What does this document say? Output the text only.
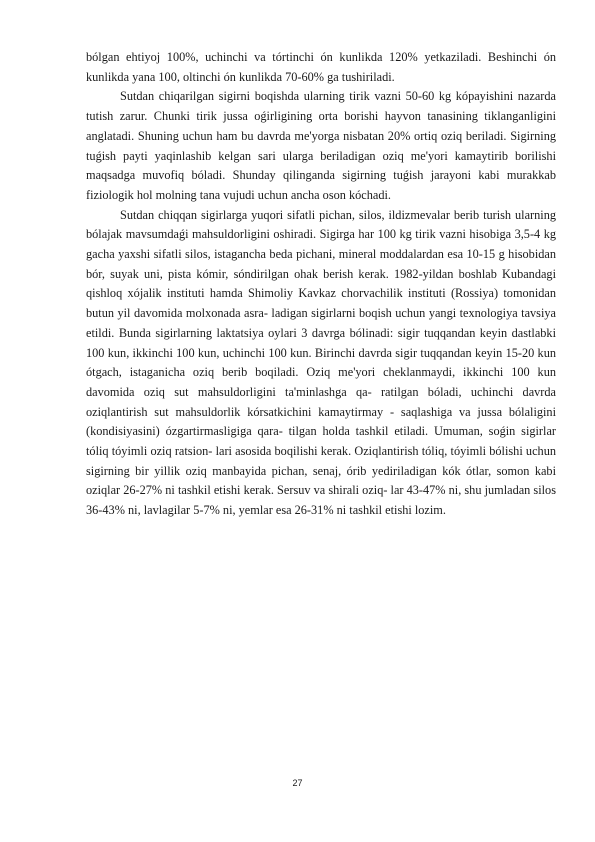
bólgan ehtiyoj 100%, uchinchi va tórtinchi ón kunlikda 120% yetkaziladi. Beshinchi ón kunlikda yana 100, oltinchi ón kunlikda 70-60% ga tushiriladi.

Sutdan chiqarilgan sigirni boqishda ularning tirik vazni 50-60 kg kópayishini nazarda tutish zarur. Chunki tirik jussa oǵirligining orta borishi hayvon tanasining tiklanganligini anglatadi. Shuning uchun ham bu davrda me'yorga nisbatan 20% ortiq oziq beriladi. Sigirning tuǵish payti yaqinlashib kelgan sari ularga beriladigan oziq me'yori kamaytirib borilishi maqsadga muvofiq bóladi. Shunday qilinganda sigirning tuǵish jarayoni kabi murakkab fiziologik hol molning tana vujudi uchun ancha oson kóchadi.

Sutdan chiqqan sigirlarga yuqori sifatli pichan, silos, ildizmevalar berib turish ularning bólajak mavsumdaǵi mahsuldorligini oshiradi. Sigirga har 100 kg tirik vazni hisobiga 3,5-4 kg gacha yaxshi sifatli silos, istagancha beda pichani, mineral moddalardan esa 10-15 g hisobidan bór, suyak uni, pista kómir, sóndirilgan ohak berish kerak. 1982-yildan boshlab Kubandagi qishloq xójalik instituti hamda Shimoliy Kavkaz chorvachilik instituti (Rossiya) tomonidan butun yil davomida molxonada asra- ladigan sigirlarni boqish uchun yangi texnologiya tavsiya etildi. Bunda sigirlarning laktatsiya oylari 3 davrga bólinadi: sigir tuqqandan keyin dastlabki 100 kun, ikkinchi 100 kun, uchinchi 100 kun. Birinchi davrda sigir tuqqandan keyin 15-20 kun ótgach, istaganicha oziq berib boqiladi. Oziq me'yori cheklanmaydi, ikkinchi 100 kun davomida oziq sut mahsuldorligini ta'minlashga qa- ratilgan bóladi, uchinchi davrda oziqlantirish sut mahsuldorlik kórsatkichini kamaytirmay - saqlashiga va jussa bólaligini (kondisiyasini) ózgartirmasligiga qara- tilgan holda tashkil etiladi. Umuman, soǵin sigirlar tóliq tóyimli oziq ratsion- lari asosida boqilishi kerak. Oziqlantirish tóliq, tóyimli bólishi uchun sigirning bir yillik oziq manbayida pichan, senaj, órib yediriladigan kók ótlar, somon kabi oziqlar 26-27% ni tashkil etishi kerak. Sersuv va shirali oziq- lar 43-47% ni, shu jumladan silos 36-43% ni, lavlagilar 5-7% ni, yemlar esa 26-31% ni tashkil etishi lozim.

27
